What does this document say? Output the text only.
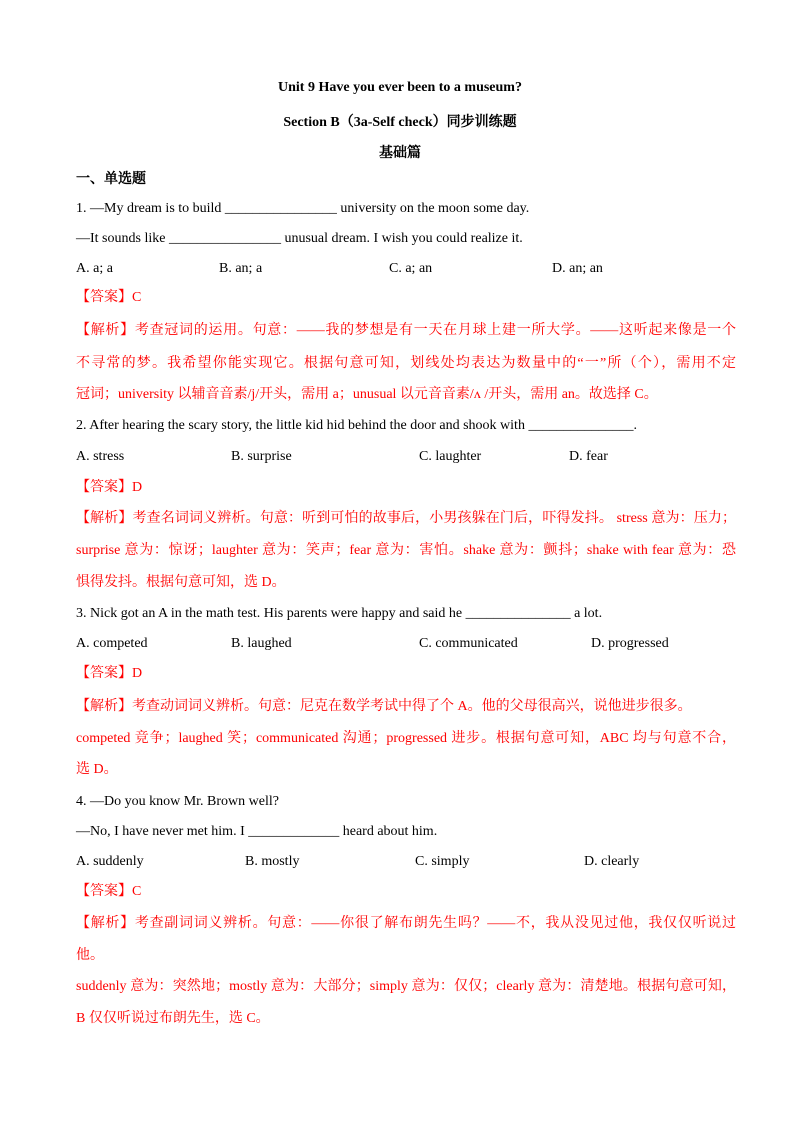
Unit 9 Have you ever been to a museum?
Section B（3a-Self check）同步训练题
基础篇
一、单选题
1. —My dream is to build ________________ university on the moon some day.
—It sounds like ________________ unusual dream. I wish you could realize it.
A. a; a	B. an; a	C. a; an	D. an; an
【答案】C
【解析】考查冠词的运用。句意：——我的梦想是有一天在月球上建一所大学。——这听起来像是一个
不寻常的梦。我希望你能实现它。根据句意可知，划线处均表达为数量中的“一”所（个），需用不定
冠词；university 以辅音音素/j/开头，需用 a；unusual 以元音音素/ʌ /开头，需用 an。故选择 C。
2. After hearing the scary story, the little kid hid behind the door and shook with _______________.
A. stress	B. surprise	C. laughter	D. fear
【答案】D
【解析】考查名词词义辨析。句意：听到可怕的故事后，小男孩躲在门后，吓得发抖。 stress 意为：压力；
surprise 意为：惊讶；laughter 意为：笑声；fear 意为：害怕。shake 意为：颤抖；shake with fear 意为：恐
惧得发抖。根据句意可知，选 D。
3. Nick got an A in the math test. His parents were happy and said he _______________ a lot.
A. competed	B. laughed	C. communicated	D. progressed
【答案】D
【解析】考查动词词义辨析。句意：尼克在数学考试中得了个 A。他的父母很高兴，说他进步很多。
competed 竞争；laughed 笑；communicated 沟通；progressed 进步。根据句意可知，ABC 均与句意不合，
选 D。
4. —Do you know Mr. Brown well?
—No, I have never met him. I _____________ heard about him.
A. suddenly	B. mostly	C. simply	D. clearly
【答案】C
【解析】考查副词词义辨析。句意：——你很了解布朗先生吗？——不，我从没见过他，我仅仅听说过
他。
suddenly 意为：突然地；mostly 意为：大部分；simply 意为：仅仅；clearly 意为：清楚地。根据句意可知，
B 仅仅听说过布朗先生，选 C。
